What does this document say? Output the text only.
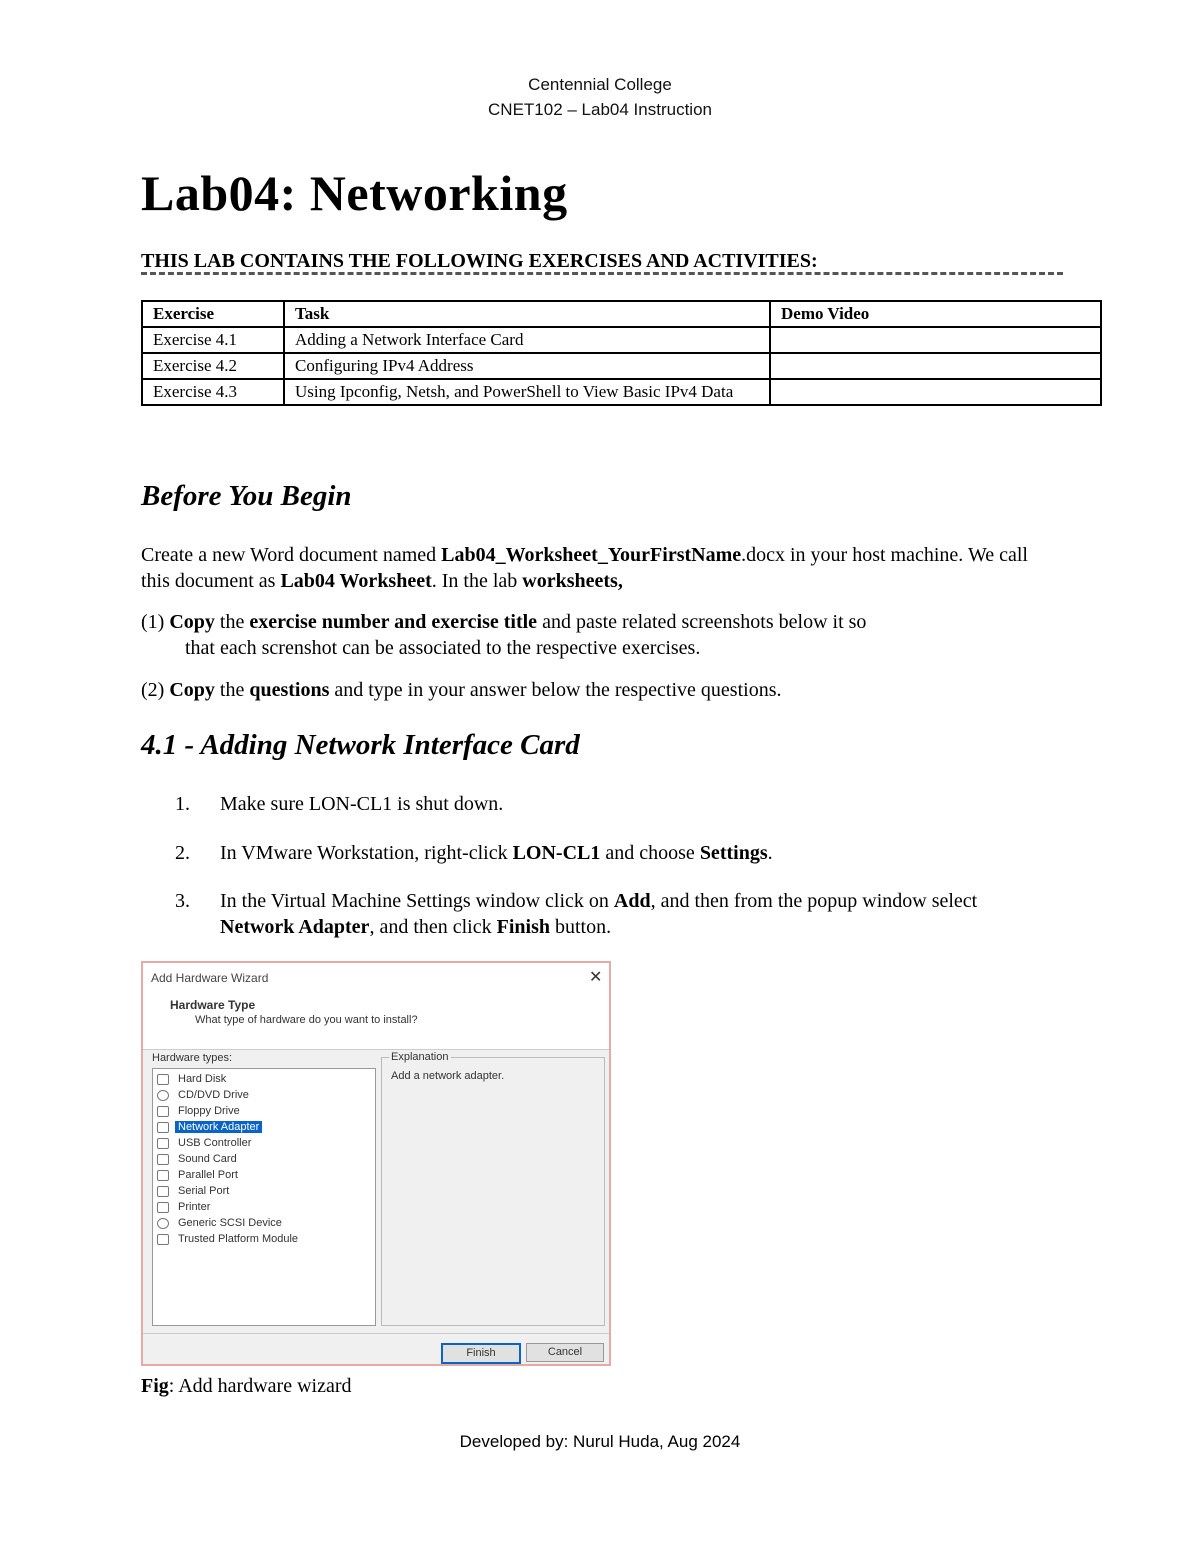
Centennial College
CNET102 – Lab04 Instruction
Lab04: Networking
THIS LAB CONTAINS THE FOLLOWING EXERCISES AND ACTIVITIES:
Exercise	Task	Demo Video
Exercise 4.1	Adding a Network Interface Card	
Exercise 4.2	Configuring IPv4 Address	
Exercise 4.3	Using Ipconfig, Netsh, and PowerShell to View Basic IPv4 Data	
Before You Begin
Create a new Word document named Lab04_Worksheet_YourFirstName.docx in your host machine. We call this document as Lab04 Worksheet. In the lab worksheets,
(1) Copy the exercise number and exercise title and paste related screenshots below it so
that each screnshot can be associated to the respective exercises.
(2) Copy the questions and type in your answer below the respective questions.
4.1 - Adding Network Interface Card
1. Make sure LON-CL1 is shut down.
2. In VMware Workstation, right-click LON-CL1 and choose Settings.
3. In the Virtual Machine Settings window click on Add, and then from the popup window select Network Adapter, and then click Finish button.
Add Hardware Wizard	✕
Hardware Type
What type of hardware do you want to install?
Hardware types:
Hard Disk
CD/DVD Drive
Floppy Drive
Network Adapter
USB Controller
Sound Card
Parallel Port
Serial Port
Printer
Generic SCSI Device
Trusted Platform Module
Explanation
Add a network adapter.
Finish	Cancel
Fig: Add hardware wizard
Developed by: Nurul Huda, Aug 2024
